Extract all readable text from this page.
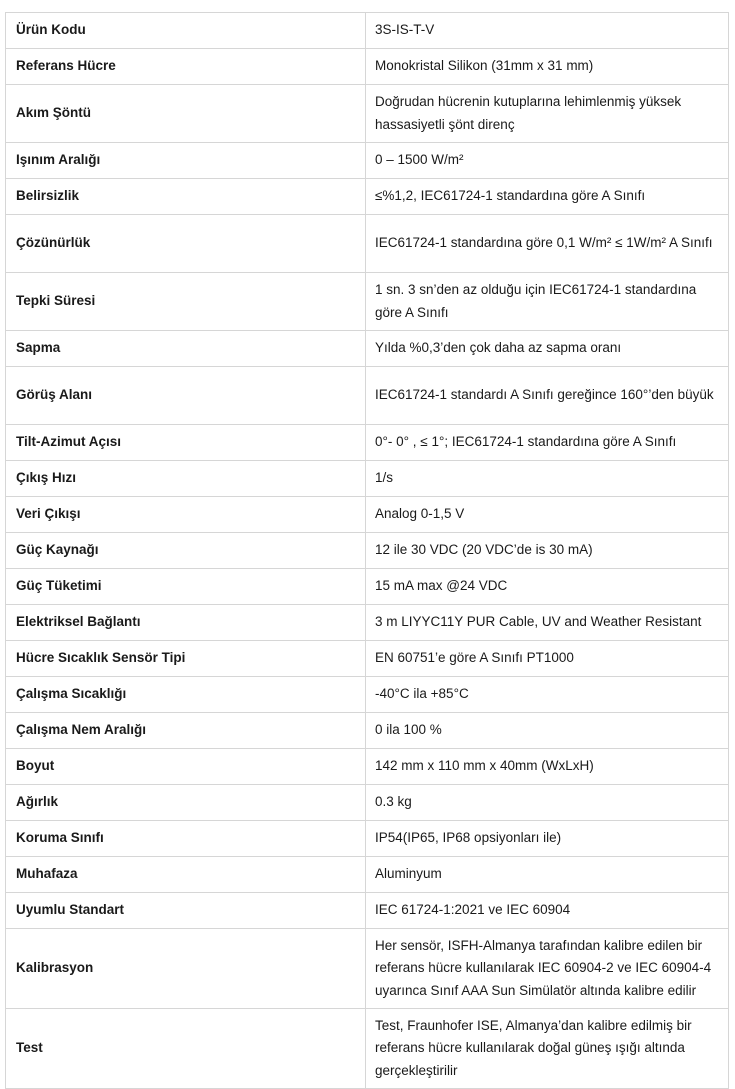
Ürün Kodu	3S-IS-T-V
Referans Hücre	Monokristal Silikon (31mm x 31 mm)
Akım Şöntü	Doğrudan hücrenin kutuplarına lehimlenmiş yüksek hassasiyetli şönt direnç
Işınım Aralığı	0 – 1500 W/m²
Belirsizlik	≤%1,2, IEC61724-1 standardına göre A Sınıfı
Çözünürlük	IEC61724-1 standardına göre 0,1 W/m² ≤ 1W/m² A Sınıfı
Tepki Süresi	1 sn. 3 sn’den az olduğu için IEC61724-1 standardına göre A Sınıfı
Sapma	Yılda %0,3’den çok daha az sapma oranı
Görüş Alanı	IEC61724-1 standardı A Sınıfı gereğince 160°’den büyük
Tilt-Azimut Açısı	0°- 0° , ≤ 1°; IEC61724-1 standardına göre A Sınıfı
Çıkış Hızı	1/s
Veri Çıkışı	Analog 0-1,5 V
Güç Kaynağı	12 ile 30 VDC (20 VDC’de is 30 mA)
Güç Tüketimi	15 mA max @24 VDC
Elektriksel Bağlantı	3 m LIYYC11Y PUR Cable, UV and Weather Resistant
Hücre Sıcaklık Sensör Tipi	EN 60751’e göre A Sınıfı PT1000
Çalışma Sıcaklığı	-40°C ila +85°C
Çalışma Nem Aralığı	0 ila 100 %
Boyut	142 mm x 110 mm x 40mm (WxLxH)
Ağırlık	0.3 kg
Koruma Sınıfı	IP54(IP65, IP68 opsiyonları ile)
Muhafaza	Aluminyum
Uyumlu Standart	IEC 61724-1:2021 ve IEC 60904
Kalibrasyon	Her sensör, ISFH-Almanya tarafından kalibre edilen bir referans hücre kullanılarak IEC 60904-2 ve IEC 60904-4 uyarınca Sınıf AAA Sun Simülatör altında kalibre edilir
Test	Test, Fraunhofer ISE, Almanya’dan kalibre edilmiş bir referans hücre kullanılarak doğal güneş ışığı altında gerçekleştirilir
